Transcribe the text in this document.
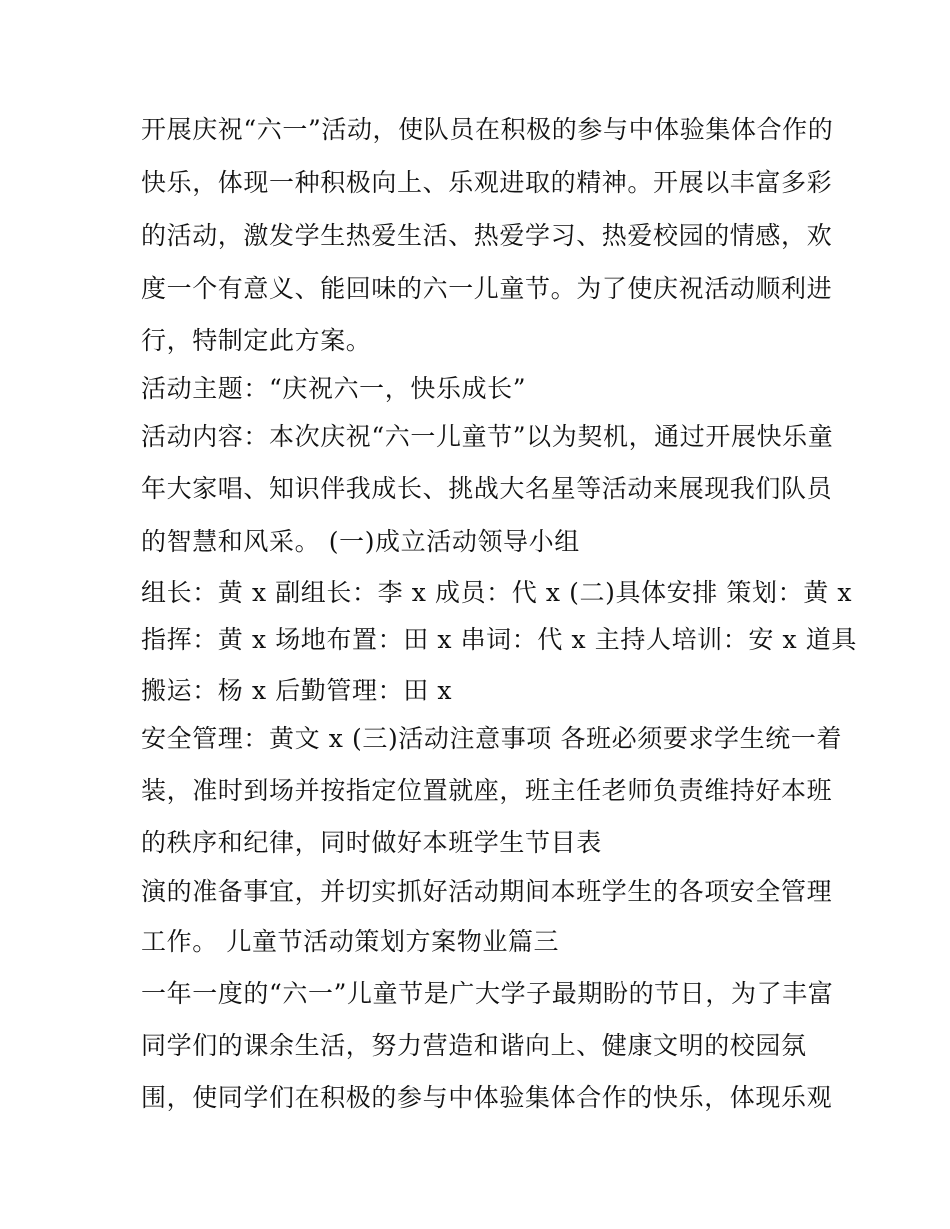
开展庆祝“六一”活动，使队员在积极的参与中体验集体合作的
快乐，体现一种积极向上、乐观进取的精神。开展以丰富多彩
的活动，激发学生热爱生活、热爱学习、热爱校园的情感，欢
度一个有意义、能回味的六一儿童节。为了使庆祝活动顺利进
行，特制定此方案。
活动主题：“庆祝六一，快乐成长”
活动内容：本次庆祝“六一儿童节”以为契机，通过开展快乐童
年大家唱、知识伴我成长、挑战大名星等活动来展现我们队员
的智慧和风采。 (一)成立活动领导小组
组长：黄 x 副组长：李 x 成员：代 x (二)具体安排 策划：黄 x
指挥：黄 x 场地布置：田 x 串词：代 x 主持人培训：安 x 道具
搬运：杨 x 后勤管理：田 x
安全管理：黄文 x (三)活动注意事项 各班必须要求学生统一着
装，准时到场并按指定位置就座，班主任老师负责维持好本班
的秩序和纪律，同时做好本班学生节目表
演的准备事宜，并切实抓好活动期间本班学生的各项安全管理
工作。 儿童节活动策划方案物业篇三
一年一度的“六一”儿童节是广大学子最期盼的节日，为了丰富
同学们的课余生活，努力营造和谐向上、健康文明的校园氛
围，使同学们在积极的参与中体验集体合作的快乐，体现乐观
